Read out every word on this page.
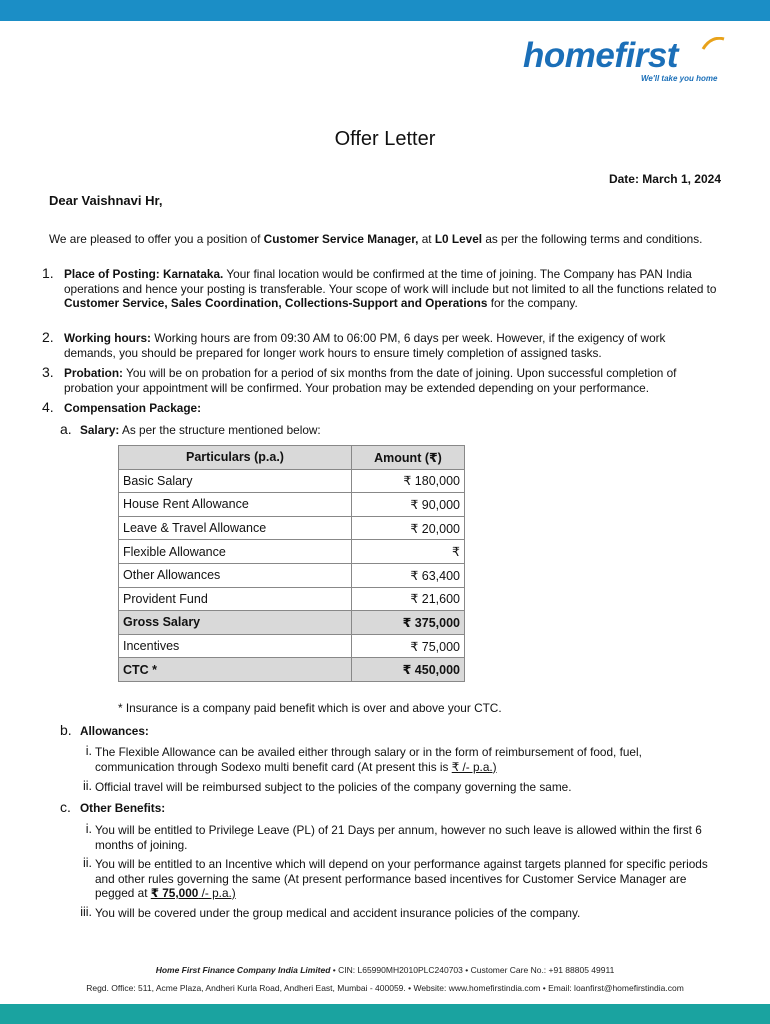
homefirst
We'll take you home
Offer Letter
Date: March 1, 2024
Dear Vaishnavi Hr,
We are pleased to offer you a position of Customer Service Manager, at L0 Level as per the following terms and conditions.
1. Place of Posting: Karnataka. Your final location would be confirmed at the time of joining. The Company has PAN India operations and hence your posting is transferable. Your scope of work will include but not limited to all the functions related to Customer Service, Sales Coordination, Collections-Support and Operations for the company.
2. Working hours: Working hours are from 09:30 AM to 06:00 PM, 6 days per week. However, if the exigency of work demands, you should be prepared for longer work hours to ensure timely completion of assigned tasks.
3. Probation: You will be on probation for a period of six months from the date of joining. Upon successful completion of probation your appointment will be confirmed. Your probation may be extended depending on your performance.
4. Compensation Package:
a. Salary: As per the structure mentioned below:
Particulars (p.a.)	Amount (₹)
Basic Salary	₹ 180,000
House Rent Allowance	₹ 90,000
Leave & Travel Allowance	₹ 20,000
Flexible Allowance	₹
Other Allowances	₹ 63,400
Provident Fund	₹ 21,600
Gross Salary	₹ 375,000
Incentives	₹ 75,000
CTC *	₹ 450,000
* Insurance is a company paid benefit which is over and above your CTC.
b. Allowances:
i. The Flexible Allowance can be availed either through salary or in the form of reimbursement of food, fuel, communication through Sodexo multi benefit card (At present this is ₹ /- p.a.)
ii. Official travel will be reimbursed subject to the policies of the company governing the same.
c. Other Benefits:
i. You will be entitled to Privilege Leave (PL) of 21 Days per annum, however no such leave is allowed within the first 6 months of joining.
ii. You will be entitled to an Incentive which will depend on your performance against targets planned for specific periods and other rules governing the same (At present performance based incentives for Customer Service Manager are pegged at ₹ 75,000 /- p.a.)
iii. You will be covered under the group medical and accident insurance policies of the company.
Home First Finance Company India Limited • CIN: L65990MH2010PLC240703 • Customer Care No.: +91 88805 49911
Regd. Office: 511, Acme Plaza, Andheri Kurla Road, Andheri East, Mumbai - 400059. • Website: www.homefirstindia.com • Email: loanfirst@homefirstindia.com
